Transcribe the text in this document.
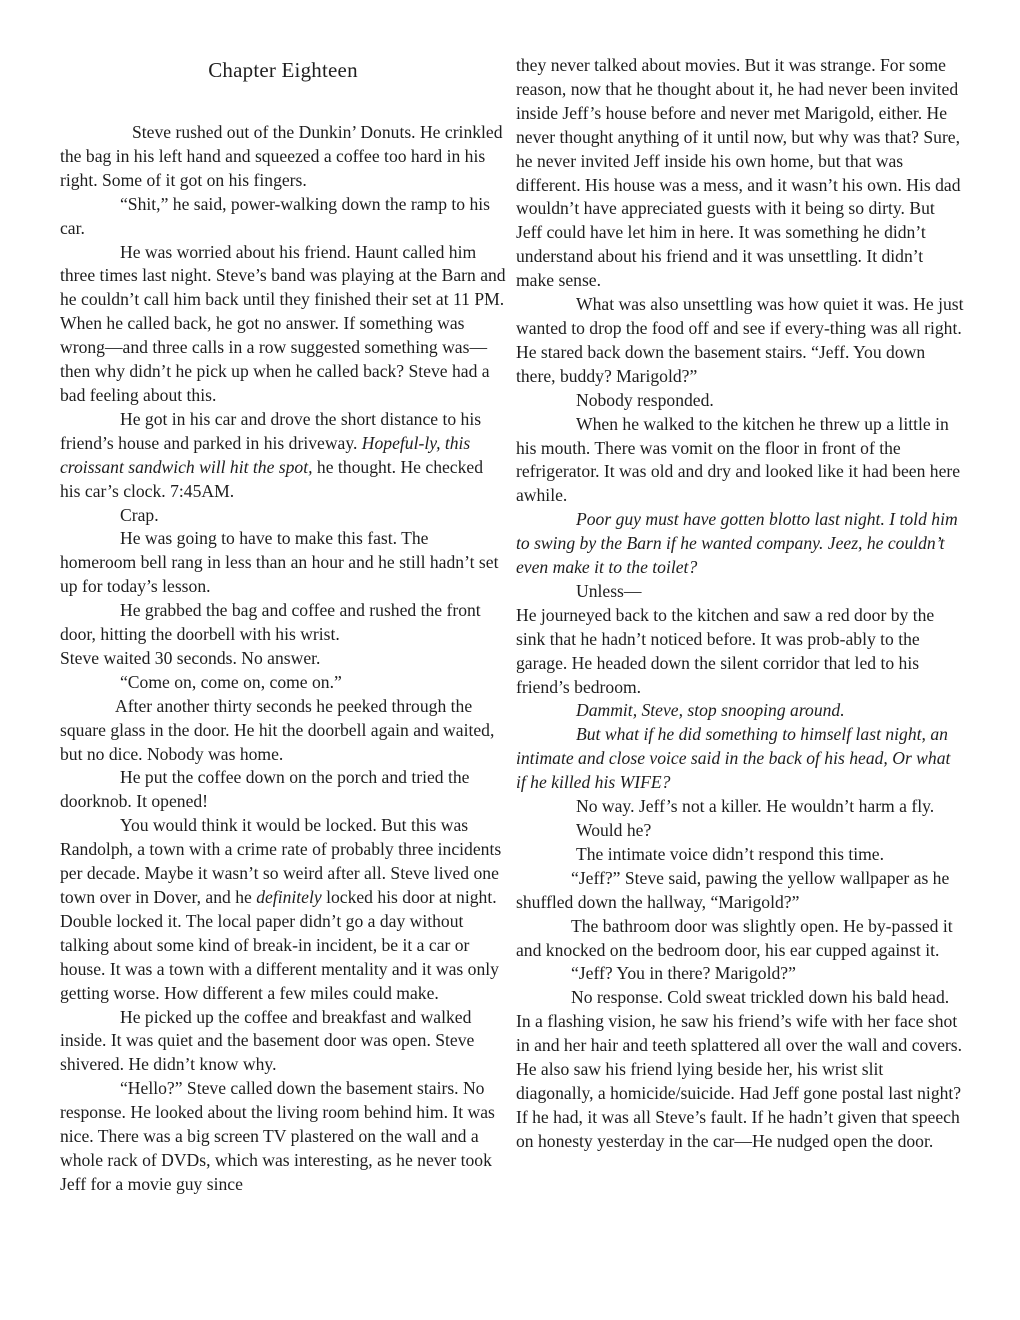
Chapter Eighteen

Steve rushed out of the Dunkin’ Donuts. He crinkled the bag in his left hand and squeezed a coffee too hard in his right. Some of it got on his fingers.

“Shit,” he said, power-walking down the ramp to his car.

He was worried about his friend. Haunt called him three times last night. Steve’s band was playing at the Barn and he couldn’t call him back until they finished their set at 11 PM. When he called back, he got no answer. If something was wrong—and three calls in a row suggested something was—then why didn’t he pick up when he called back? Steve had a bad feeling about this.

He got in his car and drove the short distance to his friend’s house and parked in his driveway. Hopeful-ly, this croissant sandwich will hit the spot, he thought. He checked his car’s clock. 7:45AM.

Crap.

He was going to have to make this fast. The homeroom bell rang in less than an hour and he still hadn’t set up for today’s lesson.

He grabbed the bag and coffee and rushed the front door, hitting the doorbell with his wrist.

Steve waited 30 seconds. No answer.

“Come on, come on, come on.”

After another thirty seconds he peeked through the square glass in the door. He hit the doorbell again and waited, but no dice. Nobody was home.

He put the coffee down on the porch and tried the doorknob. It opened!

You would think it would be locked. But this was Randolph, a town with a crime rate of probably three incidents per decade. Maybe it wasn’t so weird after all. Steve lived one town over in Dover, and he definitely locked his door at night. Double locked it. The local paper didn’t go a day without talking about some kind of break-in incident, be it a car or house. It was a town with a different mentality and it was only getting worse. How different a few miles could make.

He picked up the coffee and breakfast and walked inside. It was quiet and the basement door was open. Steve shivered. He didn’t know why.

“Hello?” Steve called down the basement stairs. No response. He looked about the living room behind him. It was nice. There was a big screen TV plastered on the wall and a whole rack of DVDs, which was interesting, as he never took Jeff for a movie guy since

they never talked about movies. But it was strange. For some reason, now that he thought about it, he had never been invited inside Jeff’s house before and never met Marigold, either. He never thought anything of it until now, but why was that? Sure, he never invited Jeff inside his own home, but that was different. His house was a mess, and it wasn’t his own. His dad wouldn’t have appreciated guests with it being so dirty. But Jeff could have let him in here. It was something he didn’t understand about his friend and it was unsettling. It didn’t make sense.

What was also unsettling was how quiet it was. He just wanted to drop the food off and see if every-thing was all right. He stared back down the basement stairs. “Jeff. You down there, buddy? Marigold?”

Nobody responded.

When he walked to the kitchen he threw up a little in his mouth. There was vomit on the floor in front of the refrigerator. It was old and dry and looked like it had been here awhile.

Poor guy must have gotten blotto last night. I told him to swing by the Barn if he wanted company. Jeez, he couldn’t even make it to the toilet?

Unless—

He journeyed back to the kitchen and saw a red door by the sink that he hadn’t noticed before. It was prob-ably to the garage. He headed down the silent corridor that led to his friend’s bedroom.

Dammit, Steve, stop snooping around.

But what if he did something to himself last night, an intimate and close voice said in the back of his head, Or what if he killed his WIFE?

No way. Jeff’s not a killer. He wouldn’t harm a fly.

Would he?

The intimate voice didn’t respond this time.

“Jeff?” Steve said, pawing the yellow wallpaper as he shuffled down the hallway, “Marigold?”

The bathroom door was slightly open. He by-passed it and knocked on the bedroom door, his ear cupped against it.

“Jeff? You in there? Marigold?”

No response. Cold sweat trickled down his bald head. In a flashing vision, he saw his friend’s wife with her face shot in and her hair and teeth splattered all over the wall and covers. He also saw his friend lying beside her, his wrist slit diagonally, a homicide/suicide. Had Jeff gone postal last night? If he had, it was all Steve’s fault. If he hadn’t given that speech on honesty yesterday in the car—He nudged open the door.
